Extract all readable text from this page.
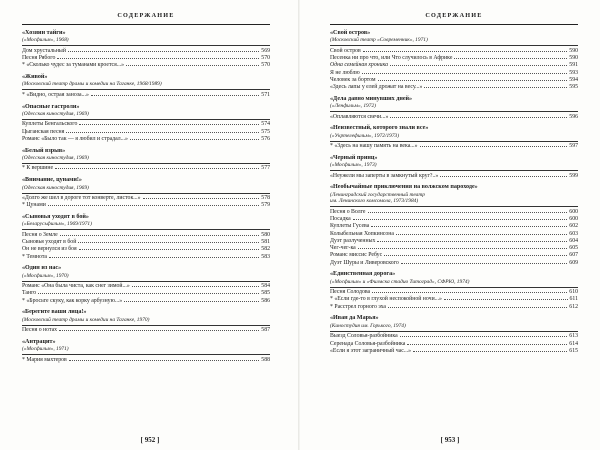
СОДЕРЖАНИЕ
«Хозяин тайги»
(«Мосфильм», 1968)
Дом хрустальный	569
Песня Рябого	570
* «Сколько чудес за туманами кроется...»	570
«Живой»
(Московский театр драмы и комедии на Таганке, 1968/1989)
* «Видно, острая заноза...»	571
«Опасные гастроли»
(Одесская киностудия, 1969)
Куплеты Бенгальского	574
Цыганская песня	575
Романс «Было так — я любил и страдал...»	576
«Белый взрыв»
(Одесская киностудия, 1969)
* К вершине	577
«Внимание, цунами!»
(Одесская киностудия, 1969)
«Долго же шел в дороге тот конверте, листок...»	578
* Цунами	579
«Сыновья уходят в бой»
(«Беларусьфильм», 1969/1971)
Песня о Земле	580
Сыновья уходят в бой	581
Он не вернулся из боя	582
* Темнота	583
«Один из нас»
(«Мосфильм», 1970)
Романс «Она была чиста, как снег зимой...»	584
Танго	585
* «Бросьте скуку, как корку арбузную...»	586
«Берегите ваши лица!»
(Московский театр драмы и комедии на Таганке, 1970)
Песня о нотах	587
«Антрацит»
(«Мосфильм», 1971)
* Мария махтеров	588
[ 952 ]
СОДЕРЖАНИЕ
«Свой остров»
(Московский театр «Современник», 1971)
Свой остров	590
Песенка ни про что, или Что случилось в Африке	590
Одна семейная хроника	591
Я не люблю	593
Человек за бортом	594
«Здесь лапы у елей дрожат на весу...»	595
«Дела давно минувших дней»
(«Ленфильм», 1972)
«Оплавляются свечи...»	596
«Неизвестный, которого знали все»
(«Укртелефильм», 1972/1973)
* «Здесь на нашу память на века...»	597
«Черный принц»
(«Мосфильм», 1973)
«Неужели мы заперты в замкнутый круг?..»	599
«Необычайные приключения на волжском пароходе»
(Ленинградский государственный театр
им. Ленинского комсомола, 1973/1984)
Песня о Волге	600
Посадка	600
Куплеты Гусева	602
Колыбельная Хопкинсона	603
Дуэт разлученных	604
Чег-чег-ка	605
Романс миссис Ребус	607
Дуэт Шуры и Ливеровского	609
«Единственная дорога»
(«Мосфильм» и «Филмска стадио Титоград», СФРЮ, 1974)
Песня Солодова	610
* «Если где-то в глухой неспокойной ночи...»	611
* Расстрел горного эха	612
«Иван да Марья»
(Киностудия им. Горького, 1974)
Выезд Соловья-разбойника	613
Серенада Соловья-разбойника	614
«Если я этот заграничный час...»	615
[ 953 ]
